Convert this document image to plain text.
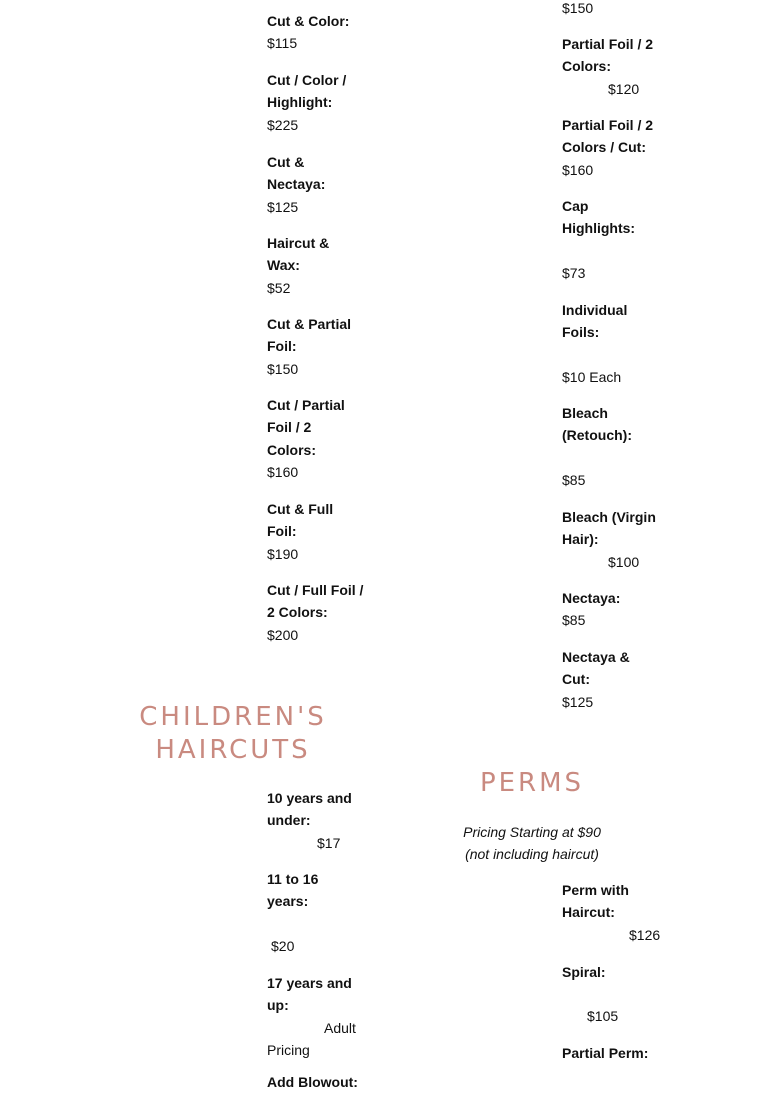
Cut & Color:
$115
Cut / Color / Highlight:
$225
Cut & Nectaya:
$125
Haircut & Wax:
$52
Cut & Partial Foil:
$150
Cut / Partial Foil / 2 Colors:
$160
Cut & Full Foil:
$190
Cut / Full Foil / 2 Colors:
$200
CHILDREN'S
HAIRCUTS
10 years and under:
$17
11 to 16 years:
$20
17 years and up:
Adult Pricing
Add Blowout:
$150
Partial Foil / 2 Colors:
$120
Partial Foil / 2 Colors / Cut:
$160
Cap Highlights:
$73
Individual Foils:
$10 Each
Bleach (Retouch):
$85
Bleach (Virgin Hair):
$100
Nectaya:
$85
Nectaya & Cut:
$125
PERMS
Pricing Starting at $90
(not including haircut)
Perm with Haircut:
$126
Spiral:
$105
Partial Perm:
